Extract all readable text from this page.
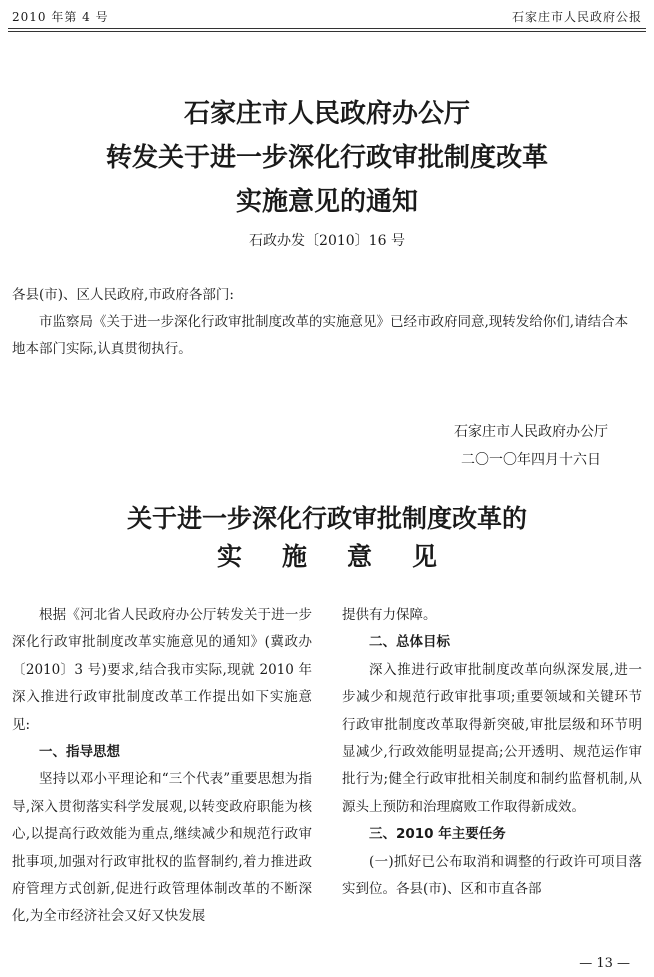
2010 年第 4 号	石家庄市人民政府公报
石家庄市人民政府办公厅
转发关于进一步深化行政审批制度改革
实施意见的通知
石政办发〔2010〕16 号

各县(市)、区人民政府,市政府各部门:

市监察局《关于进一步深化行政审批制度改革的实施意见》已经市政府同意,现转发给你们,请结合本地本部门实际,认真贯彻执行。

石家庄市人民政府办公厅
二〇一〇年四月十六日
关于进一步深化行政审批制度改革的
实施意见

根据《河北省人民政府办公厅转发关于进一步深化行政审批制度改革实施意见的通知》(冀政办〔2010〕3 号)要求,结合我市实际,现就 2010 年深入推进行政审批制度改革工作提出如下实施意见:

一、指导思想

坚持以邓小平理论和“三个代表”重要思想为指导,深入贯彻落实科学发展观,以转变政府职能为核心,以提高行政效能为重点,继续减少和规范行政审批事项,加强对行政审批权的监督制约,着力推进政府管理方式创新,促进行政管理体制改革的不断深化,为全市经济社会又好又快发展

提供有力保障。

二、总体目标

深入推进行政审批制度改革向纵深发展,进一步减少和规范行政审批事项;重要领域和关键环节行政审批制度改革取得新突破,审批层级和环节明显减少,行政效能明显提高;公开透明、规范运作审批行为;健全行政审批相关制度和制约监督机制,从源头上预防和治理腐败工作取得新成效。

三、2010 年主要任务

(一)抓好已公布取消和调整的行政许可项目落实到位。各县(市)、区和市直各部

— 13 —
